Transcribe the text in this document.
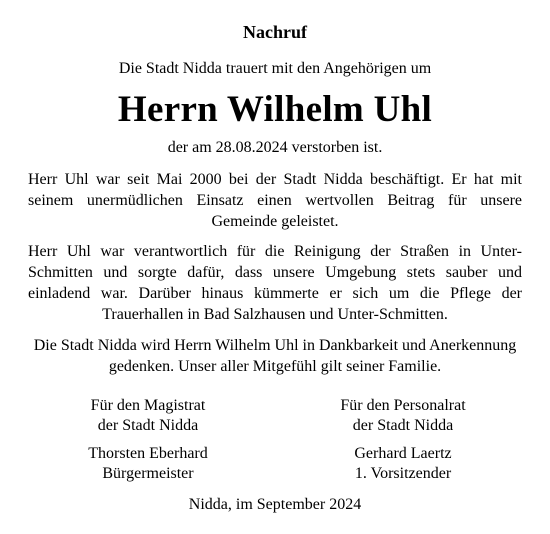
Nachruf
Die Stadt Nidda trauert mit den Angehörigen um
Herrn Wilhelm Uhl
der am 28.08.2024 verstorben ist.
Herr Uhl war seit Mai 2000 bei der Stadt Nidda beschäftigt. Er hat mit seinem unermüdlichen Einsatz einen wertvollen Beitrag für unsere Gemeinde geleistet.
Herr Uhl war verantwortlich für die Reinigung der Straßen in Unter-Schmitten und sorgte dafür, dass unsere Umgebung stets sauber und einladend war. Darüber hinaus kümmerte er sich um die Pflege der Trauerhallen in Bad Salzhausen und Unter-Schmitten.
Die Stadt Nidda wird Herrn Wilhelm Uhl in Dankbarkeit und Anerkennung gedenken. Unser aller Mitgefühl gilt seiner Familie.
Für den Magistrat
der Stadt Nidda
Thorsten Eberhard
Bürgermeister
Für den Personalrat
der Stadt Nidda
Gerhard Laertz
1. Vorsitzender
Nidda, im September 2024
